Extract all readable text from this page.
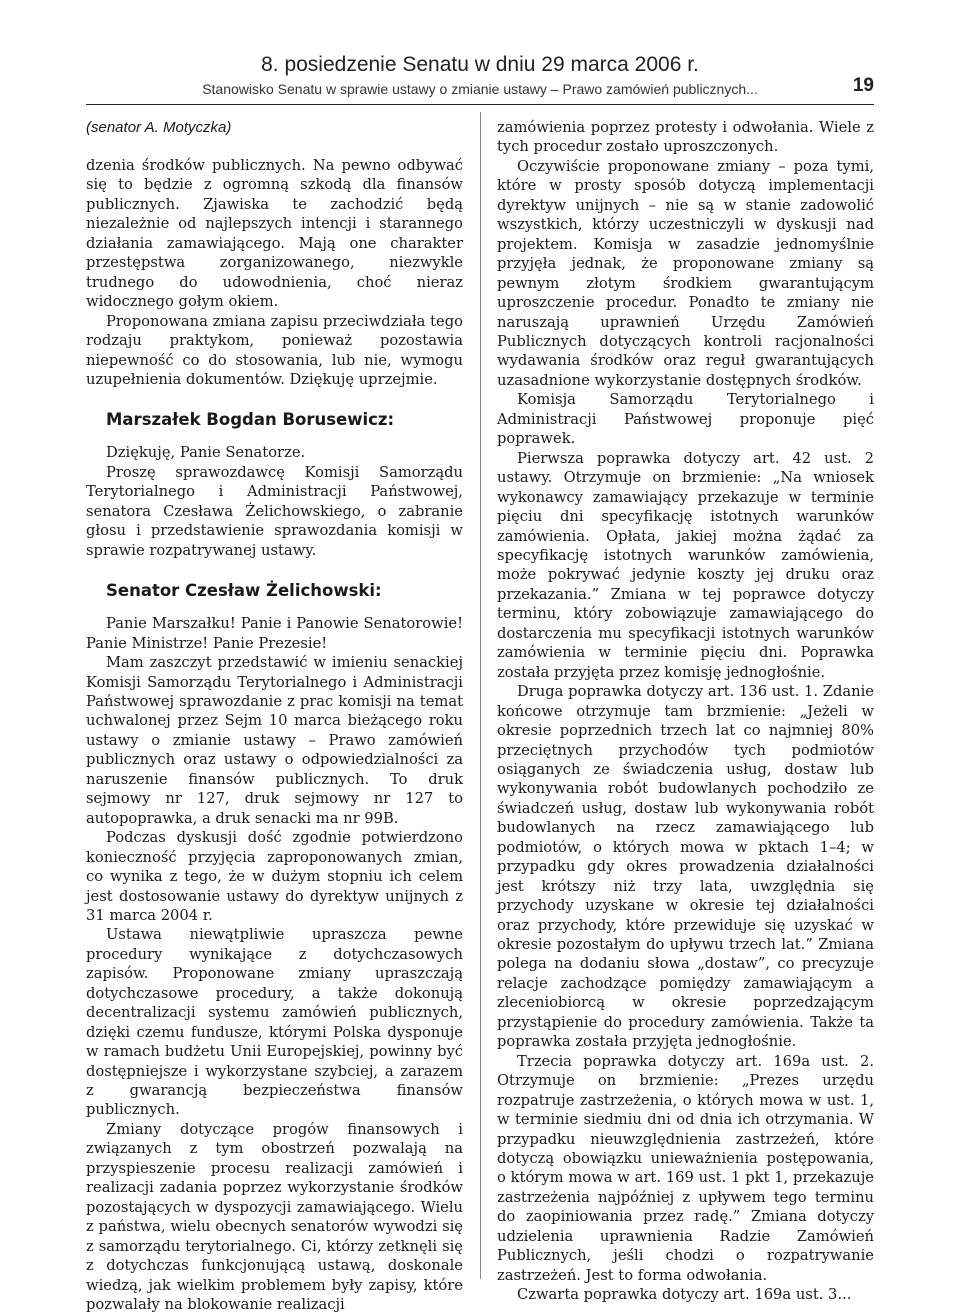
8. posiedzenie Senatu w dniu 29 marca 2006 r.
Stanowisko Senatu w sprawie ustawy o zmianie ustawy – Prawo zamówień publicznych...	19
(senator A. Motyczka)

dzenia środków publicznych. Na pewno odbywać się to będzie z ogromną szkodą dla finansów publicznych. Zjawiska te zachodzić będą niezależnie od najlepszych intencji i starannego działania zamawiającego. Mają one charakter przestępstwa zorganizowanego, niezwykle trudnego do udowodnienia, choć nieraz widocznego gołym okiem.

Proponowana zmiana zapisu przeciwdziała tego rodzaju praktykom, ponieważ pozostawia niepewność co do stosowania, lub nie, wymogu uzupełnienia dokumentów. Dziękuję uprzejmie.

Marszałek Bogdan Borusewicz:

Dziękuję, Panie Senatorze.

Proszę sprawozdawcę Komisji Samorządu Terytorialnego i Administracji Państwowej, senatora Czesława Żelichowskiego, o zabranie głosu i przedstawienie sprawozdania komisji w sprawie rozpatrywanej ustawy.

Senator Czesław Żelichowski:

Panie Marszałku! Panie i Panowie Senatorowie! Panie Ministrze! Panie Prezesie!

Mam zaszczyt przedstawić w imieniu senackiej Komisji Samorządu Terytorialnego i Administracji Państwowej sprawozdanie z prac komisji na temat uchwalonej przez Sejm 10 marca bieżącego roku ustawy o zmianie ustawy – Prawo zamówień publicznych oraz ustawy o odpowiedzialności za naruszenie finansów publicznych. To druk sejmowy nr 127, druk sejmowy nr 127 to autopoprawka, a druk senacki ma nr 99B.

Podczas dyskusji dość zgodnie potwierdzono konieczność przyjęcia zaproponowanych zmian, co wynika z tego, że w dużym stopniu ich celem jest dostosowanie ustawy do dyrektyw unijnych z 31 marca 2004 r.

Ustawa niewątpliwie upraszcza pewne procedury wynikające z dotychczasowych zapisów. Proponowane zmiany upraszczają dotychczasowe procedury, a także dokonują decentralizacji systemu zamówień publicznych, dzięki czemu fundusze, którymi Polska dysponuje w ramach budżetu Unii Europejskiej, powinny być dostępniejsze i wykorzystane szybciej, a zarazem z gwarancją bezpieczeństwa finansów publicznych.

Zmiany dotyczące progów finansowych i związanych z tym obostrzeń pozwalają na przyspieszenie procesu realizacji zamówień i realizacji zadania poprzez wykorzystanie środków pozostających w dyspozycji zamawiającego. Wielu z państwa, wielu obecnych senatorów wywodzi się z samorządu terytorialnego. Ci, którzy zetknęli się z dotychczas funkcjonującą ustawą, doskonale wiedzą, jak wielkim problemem były zapisy, które pozwalały na blokowanie realizacji

zamówienia poprzez protesty i odwołania. Wiele z tych procedur zostało uproszczonych.

Oczywiście proponowane zmiany – poza tymi, które w prosty sposób dotyczą implementacji dyrektyw unijnych – nie są w stanie zadowolić wszystkich, którzy uczestniczyli w dyskusji nad projektem. Komisja w zasadzie jednomyślnie przyjęła jednak, że proponowane zmiany są pewnym złotym środkiem gwarantującym uproszczenie procedur. Ponadto te zmiany nie naruszają uprawnień Urzędu Zamówień Publicznych dotyczących kontroli racjonalności wydawania środków oraz reguł gwarantujących uzasadnione wykorzystanie dostępnych środków.

Komisja Samorządu Terytorialnego i Administracji Państwowej proponuje pięć poprawek.

Pierwsza poprawka dotyczy art. 42 ust. 2 ustawy. Otrzymuje on brzmienie: „Na wniosek wykonawcy zamawiający przekazuje w terminie pięciu dni specyfikację istotnych warunków zamówienia. Opłata, jakiej można żądać za specyfikację istotnych warunków zamówienia, może pokrywać jedynie koszty jej druku oraz przekazania.” Zmiana w tej poprawce dotyczy terminu, który zobowiązuje zamawiającego do dostarczenia mu specyfikacji istotnych warunków zamówienia w terminie pięciu dni. Poprawka została przyjęta przez komisję jednogłośnie.

Druga poprawka dotyczy art. 136 ust. 1. Zdanie końcowe otrzymuje tam brzmienie: „Jeżeli w okresie poprzednich trzech lat co najmniej 80% przeciętnych przychodów tych podmiotów osiąganych ze świadczenia usług, dostaw lub wykonywania robót budowlanych pochodziło ze świadczeń usług, dostaw lub wykonywania robót budowlanych na rzecz zamawiającego lub podmiotów, o których mowa w pktach 1–4; w przypadku gdy okres prowadzenia działalności jest krótszy niż trzy lata, uwzględnia się przychody uzyskane w okresie tej działalności oraz przychody, które przewiduje się uzyskać w okresie pozostałym do upływu trzech lat.” Zmiana polega na dodaniu słowa „dostaw”, co precyzuje relacje zachodzące pomiędzy zamawiającym a zleceniobiorcą w okresie poprzedzającym przystąpienie do procedury zamówienia. Także ta poprawka została przyjęta jednogłośnie.

Trzecia poprawka dotyczy art. 169a ust. 2. Otrzymuje on brzmienie: „Prezes urzędu rozpatruje zastrzeżenia, o których mowa w ust. 1, w terminie siedmiu dni od dnia ich otrzymania. W przypadku nieuwzględnienia zastrzeżeń, które dotyczą obowiązku unieważnienia postępowania, o którym mowa w art. 169 ust. 1 pkt 1, przekazuje zastrzeżenia najpóźniej z upływem tego terminu do zaopiniowania przez radę.” Zmiana dotyczy udzielenia uprawnienia Radzie Zamówień Publicznych, jeśli chodzi o rozpatrywanie zastrzeżeń. Jest to forma odwołania.

Czwarta poprawka dotyczy art. 169a ust. 3...
